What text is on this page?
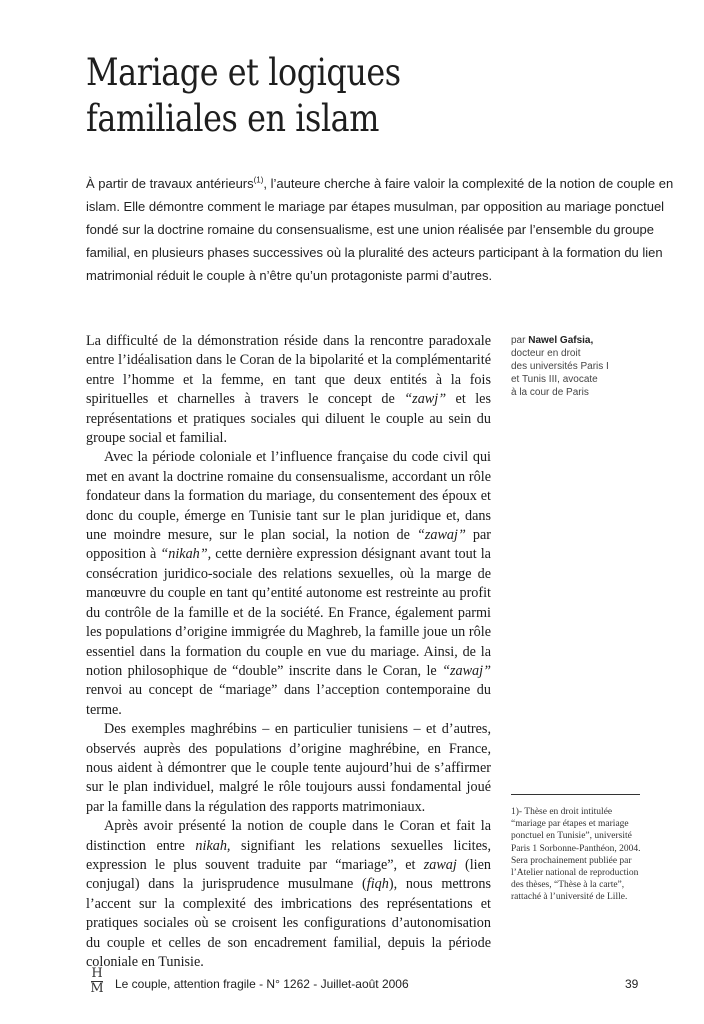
Mariage et logiques
familiales en islam

À partir de travaux antérieurs$^{(1)}$, l’auteure cherche à faire valoir la complexité de la notion de couple en islam. Elle démontre comment le mariage par étapes musulman, par opposition au mariage ponctuel fondé sur la doctrine romaine du consensualisme, est une union réalisée par l’ensemble du groupe familial, en plusieurs phases successives où la pluralité des acteurs participant à la formation du lien matrimonial réduit le couple à n’être qu’un protagoniste parmi d’autres.

La difficulté de la démonstration réside dans la rencontre paradoxale entre l’idéalisation dans le Coran de la bipolarité et la complémentarité entre l’homme et la femme, en tant que deux entités à la fois spirituelles et charnelles à travers le concept de “zawj” et les représentations et pratiques sociales qui diluent le couple au sein du groupe social et familial.

Avec la période coloniale et l’influence française du code civil qui met en avant la doctrine romaine du consensualisme, accordant un rôle fondateur dans la formation du mariage, du consentement des époux et donc du couple, émerge en Tunisie tant sur le plan juridique et, dans une moindre mesure, sur le plan social, la notion de “zawaj” par opposition à “nikah”, cette dernière expression désignant avant tout la consécration juridico-sociale des relations sexuelles, où la marge de manœuvre du couple en tant qu’entité autonome est restreinte au profit du contrôle de la famille et de la société. En France, également parmi les populations d’origine immigrée du Maghreb, la famille joue un rôle essentiel dans la formation du couple en vue du mariage. Ainsi, de la notion philosophique de “double” inscrite dans le Coran, le “zawaj” renvoi au concept de “mariage” dans l’acception contemporaine du terme.

Des exemples maghrébins – en particulier tunisiens – et d’autres, observés auprès des populations d’origine maghrébine, en France, nous aident à démontrer que le couple tente aujourd’hui de s’affirmer sur le plan individuel, malgré le rôle toujours aussi fondamental joué par la famille dans la régulation des rapports matrimoniaux.

Après avoir présenté la notion de couple dans le Coran et fait la distinction entre nikah, signifiant les relations sexuelles licites, expression le plus souvent traduite par “mariage”, et zawaj (lien conjugal) dans la jurisprudence musulmane (fiqh), nous mettrons l’accent sur la complexité des imbrications des représentations et pratiques sociales où se croisent les configurations d’autonomisation du couple et celles de son encadrement familial, depuis la période coloniale en Tunisie.

par Nawel Gafsia,
docteur en droit
des universités Paris I
et Tunis III, avocate
à la cour de Paris

1)- Thèse en droit intitulée “mariage par étapes et mariage ponctuel en Tunisie”, université Paris 1 Sorbonne-Panthéon, 2004.

Sera prochainement publiée par l’Atelier national de reproduction des thèses, “Thèse à la carte”, rattaché à l’université de Lille.

H
M Le couple, attention fragile - N° 1262 - Juillet-août 2006	39
